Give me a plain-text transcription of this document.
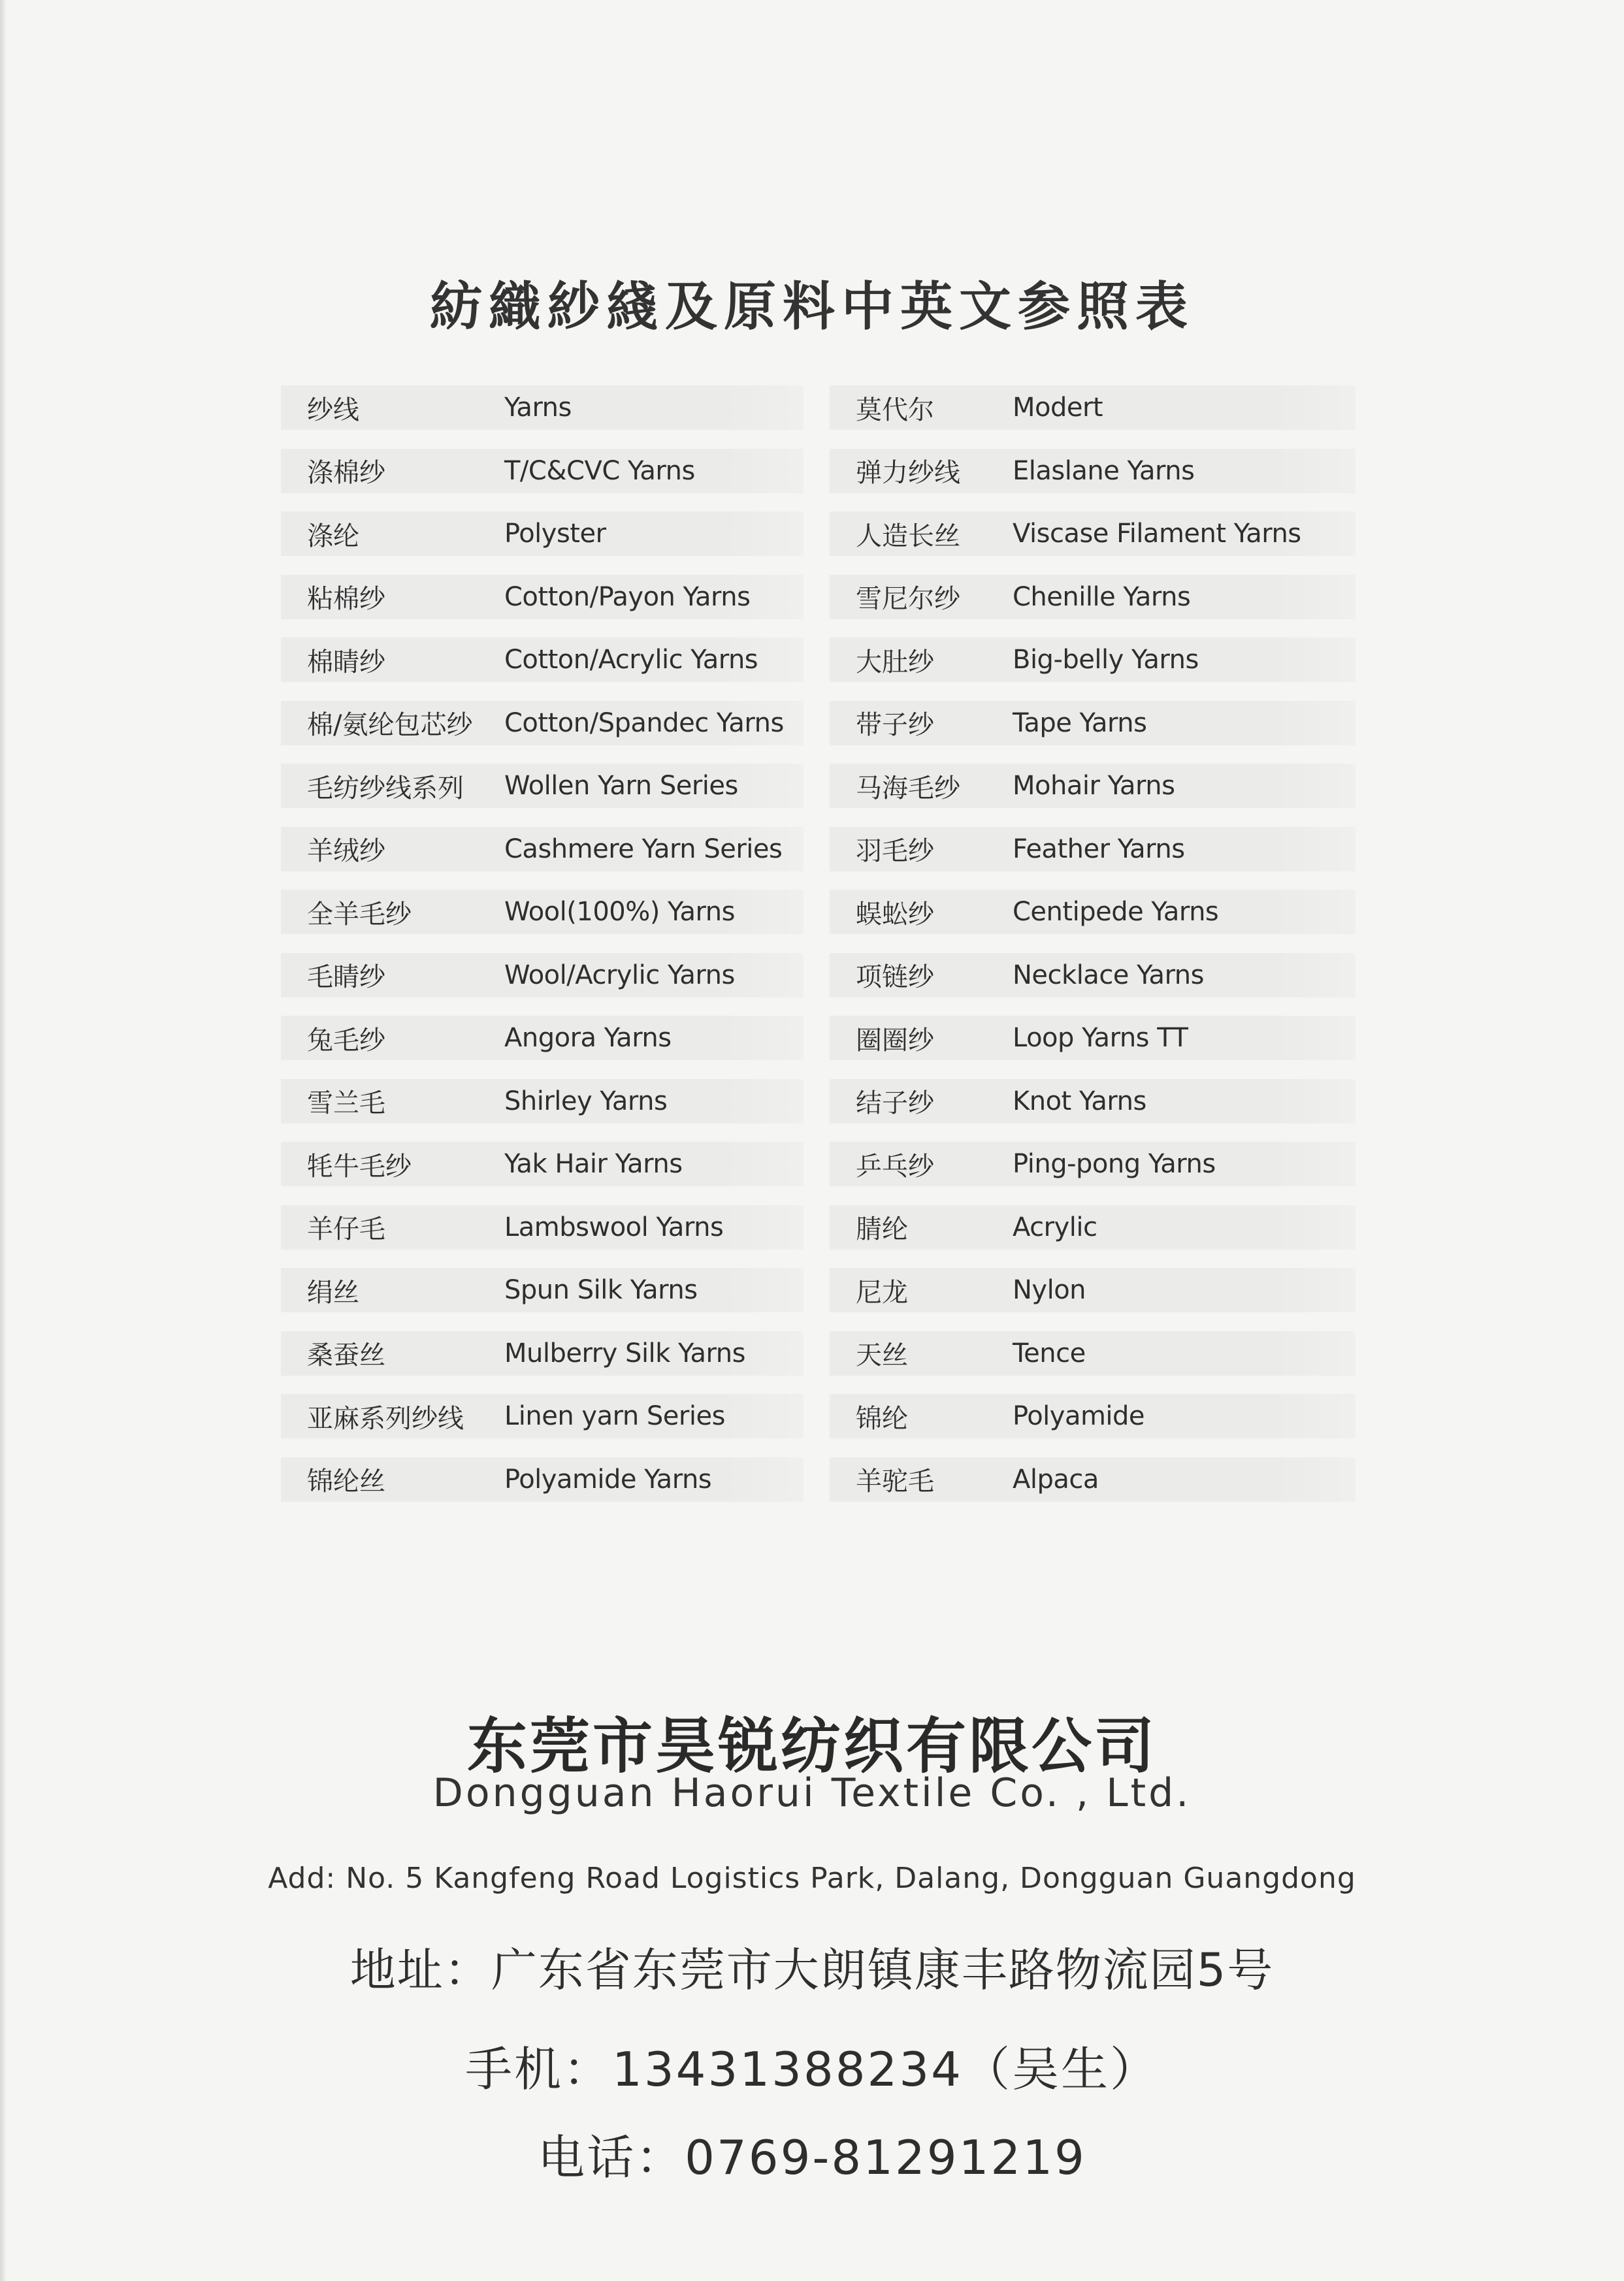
紡織紗綫及原料中英文参照表
纱线	Yarns
涤棉纱	T/C&CVC Yarns
涤纶	Polyster
粘棉纱	Cotton/Payon Yarns
棉睛纱	Cotton/Acrylic Yarns
棉/氨纶包芯纱 Cotton/Spandec Yarns
毛纺纱线系列 Wollen Yarn Series
羊绒纱	Cashmere Yarn Series
全羊毛纱	Wool(100%) Yarns
毛睛纱	Wool/Acrylic Yarns
兔毛纱	Angora Yarns
雪兰毛	Shirley Yarns
牦牛毛纱	Yak Hair Yarns
羊仔毛	Lambswool Yarns
绢丝	Spun Silk Yarns
桑蚕丝	Mulberry Silk Yarns
亚麻系列纱线 Linen yarn Series
锦纶丝	Polyamide Yarns
莫代尔	Modert
弹力纱线 Elaslane Yarns
人造长丝 Viscase Filament Yarns
雪尼尔纱 Chenille Yarns
大肚纱	Big-belly Yarns
带子纱	Tape Yarns
马海毛纱 Mohair Yarns
羽毛纱	Feather Yarns
蜈蚣纱	Centipede Yarns
项链纱	Necklace Yarns
圈圈纱	Loop Yarns TT
结子纱	Knot Yarns
乒乓纱	Ping-pong Yarns
腈纶	Acrylic
尼龙	Nylon
天丝	Tence
锦纶	Polyamide
羊驼毛	Alpaca
东莞市昊锐纺织有限公司
Dongguan Haorui Textile Co. , Ltd.
Add: No. 5 Kangfeng Road Logistics Park, Dalang, Dongguan Guangdong
地址：广东省东莞市大朗镇康丰路物流园5号
手机：13431388234（吴生）
电话：0769-81291219
